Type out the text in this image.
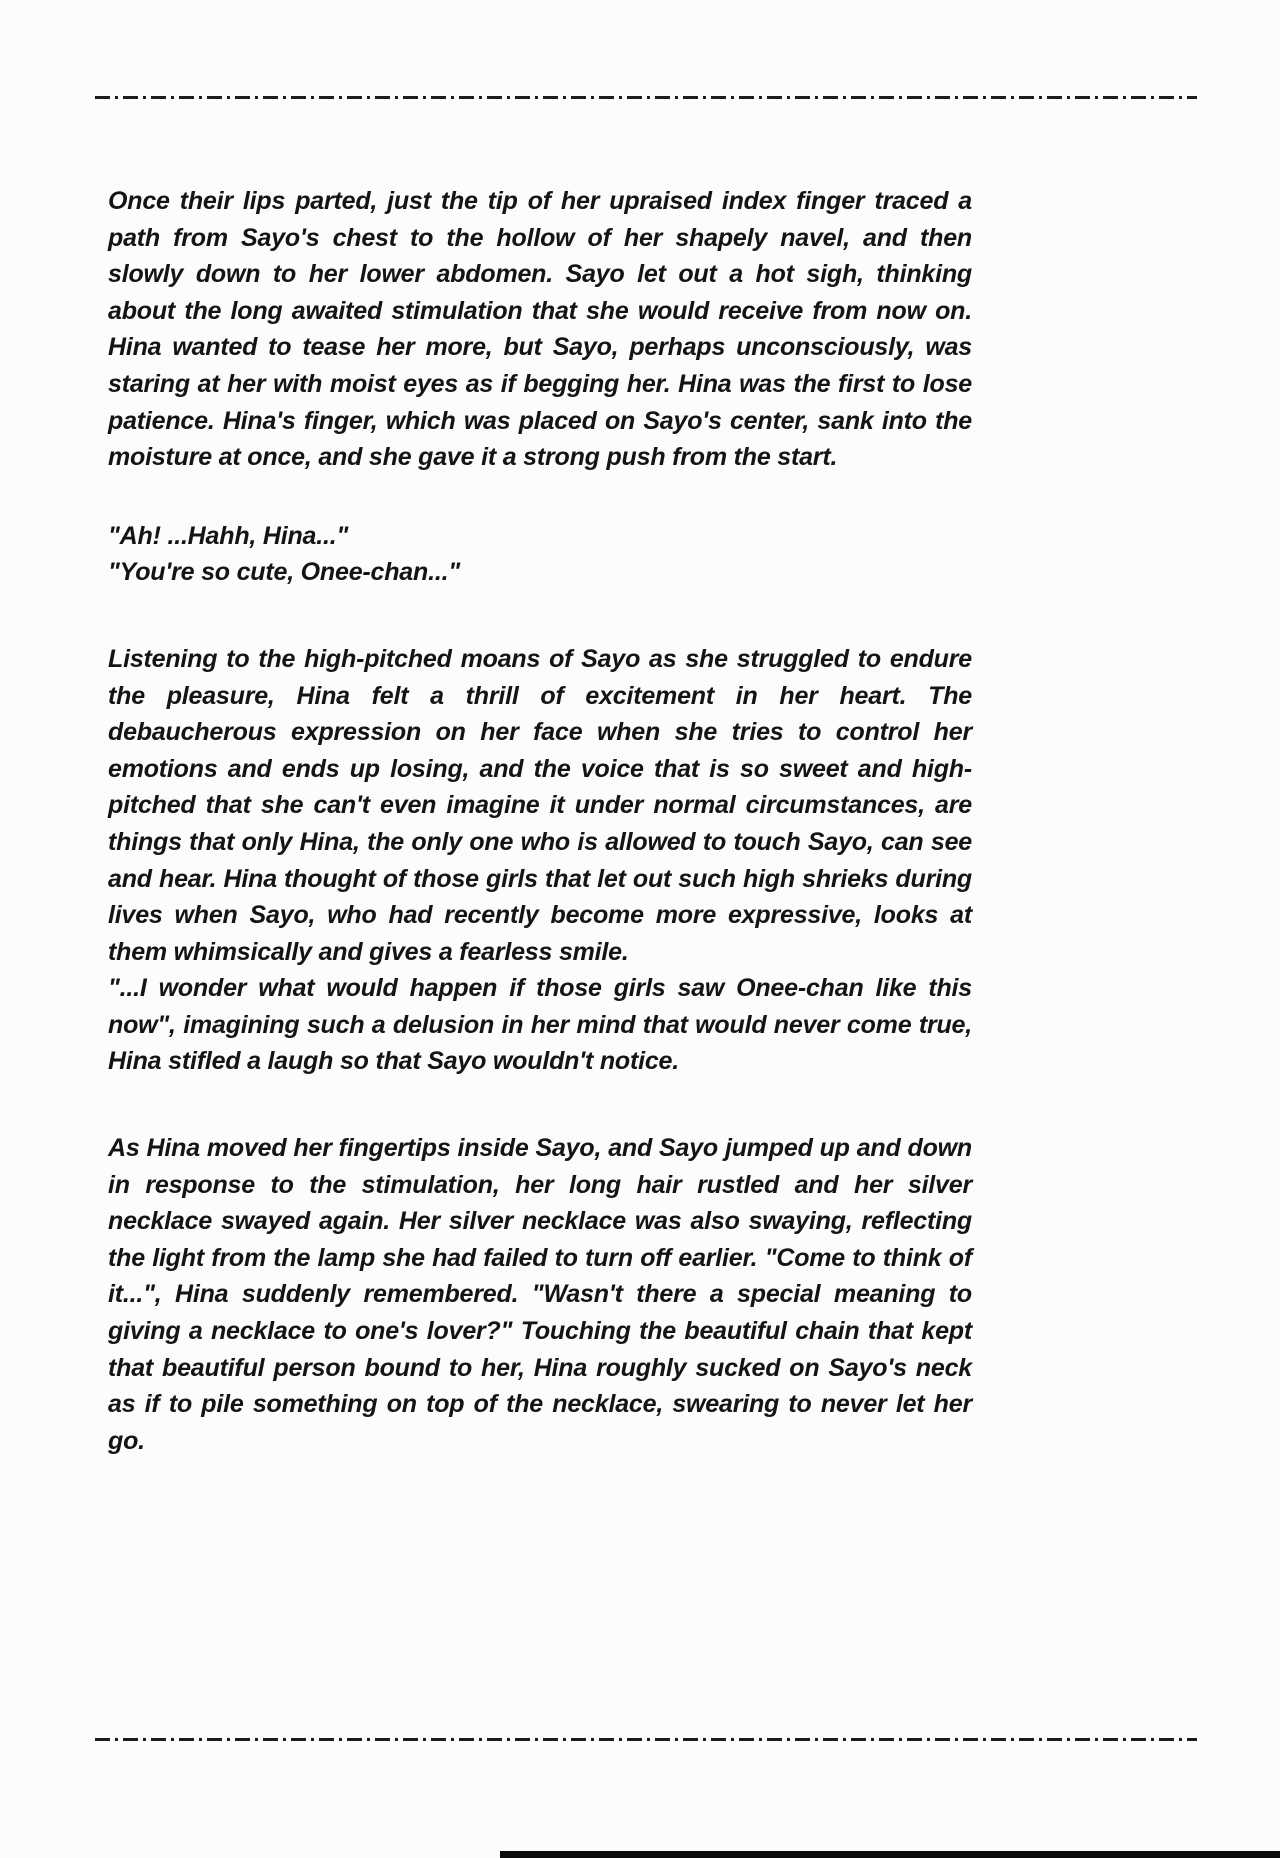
Once their lips parted, just the tip of her upraised index finger traced a path from Sayo's chest to the hollow of her shapely navel, and then slowly down to her lower abdomen. Sayo let out a hot sigh, thinking about the long awaited stimulation that she would receive from now on. Hina wanted to tease her more, but Sayo, perhaps unconsciously, was staring at her with moist eyes as if begging her. Hina was the first to lose patience. Hina's finger, which was placed on Sayo's center, sank into the moisture at once, and she gave it a strong push from the start.

"Ah! ...Hahh, Hina..."

"You're so cute, Onee-chan..."

Listening to the high-pitched moans of Sayo as she struggled to endure the pleasure, Hina felt a thrill of excitement in her heart. The debaucherous expression on her face when she tries to control her emotions and ends up losing, and the voice that is so sweet and high-pitched that she can't even imagine it under normal circumstances, are things that only Hina, the only one who is allowed to touch Sayo, can see and hear. Hina thought of those girls that let out such high shrieks during lives when Sayo, who had recently become more expressive, looks at them whimsically and gives a fearless smile.

"...I wonder what would happen if those girls saw Onee-chan like this now", imagining such a delusion in her mind that would never come true, Hina stifled a laugh so that Sayo wouldn't notice.

As Hina moved her fingertips inside Sayo, and Sayo jumped up and down in response to the stimulation, her long hair rustled and her silver necklace swayed again. Her silver necklace was also swaying, reflecting the light from the lamp she had failed to turn off earlier. "Come to think of it...", Hina suddenly remembered. "Wasn't there a special meaning to giving a necklace to one's lover?" Touching the beautiful chain that kept that beautiful person bound to her, Hina roughly sucked on Sayo's neck as if to pile something on top of the necklace, swearing to never let her go.
